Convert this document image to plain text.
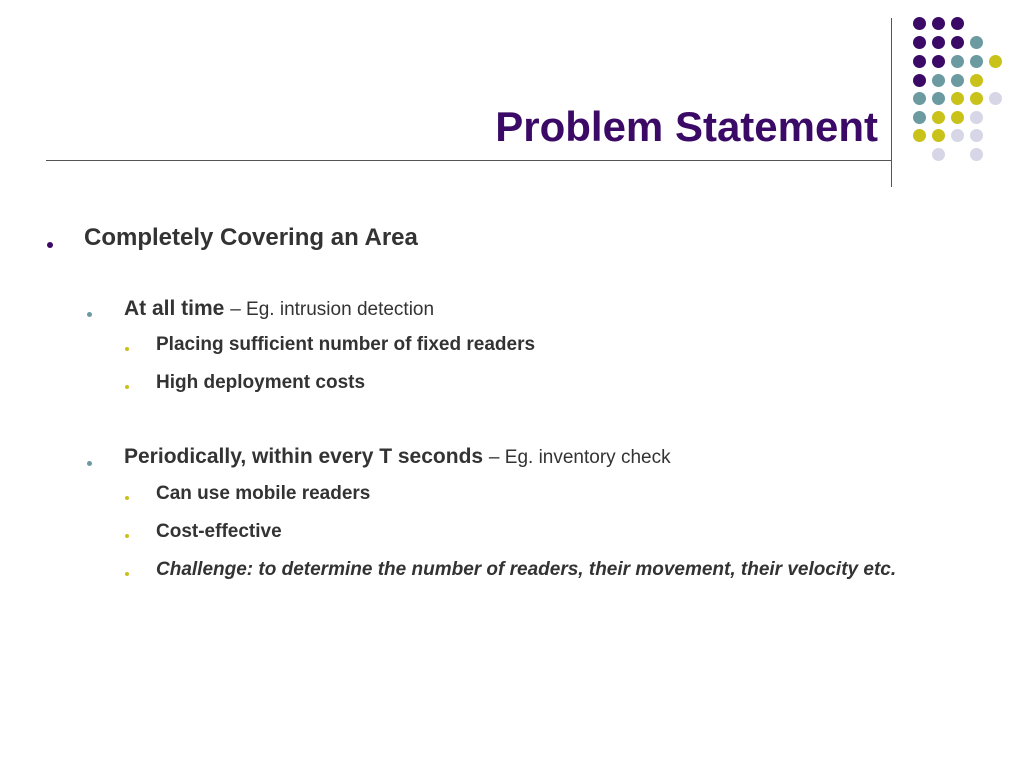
Problem Statement
Completely Covering an Area
At all time – Eg. intrusion detection
Placing sufficient number of fixed readers
High deployment costs
Periodically, within every T seconds – Eg. inventory check
Can use mobile readers
Cost-effective
Challenge: to determine the number of readers, their movement, their velocity etc.
